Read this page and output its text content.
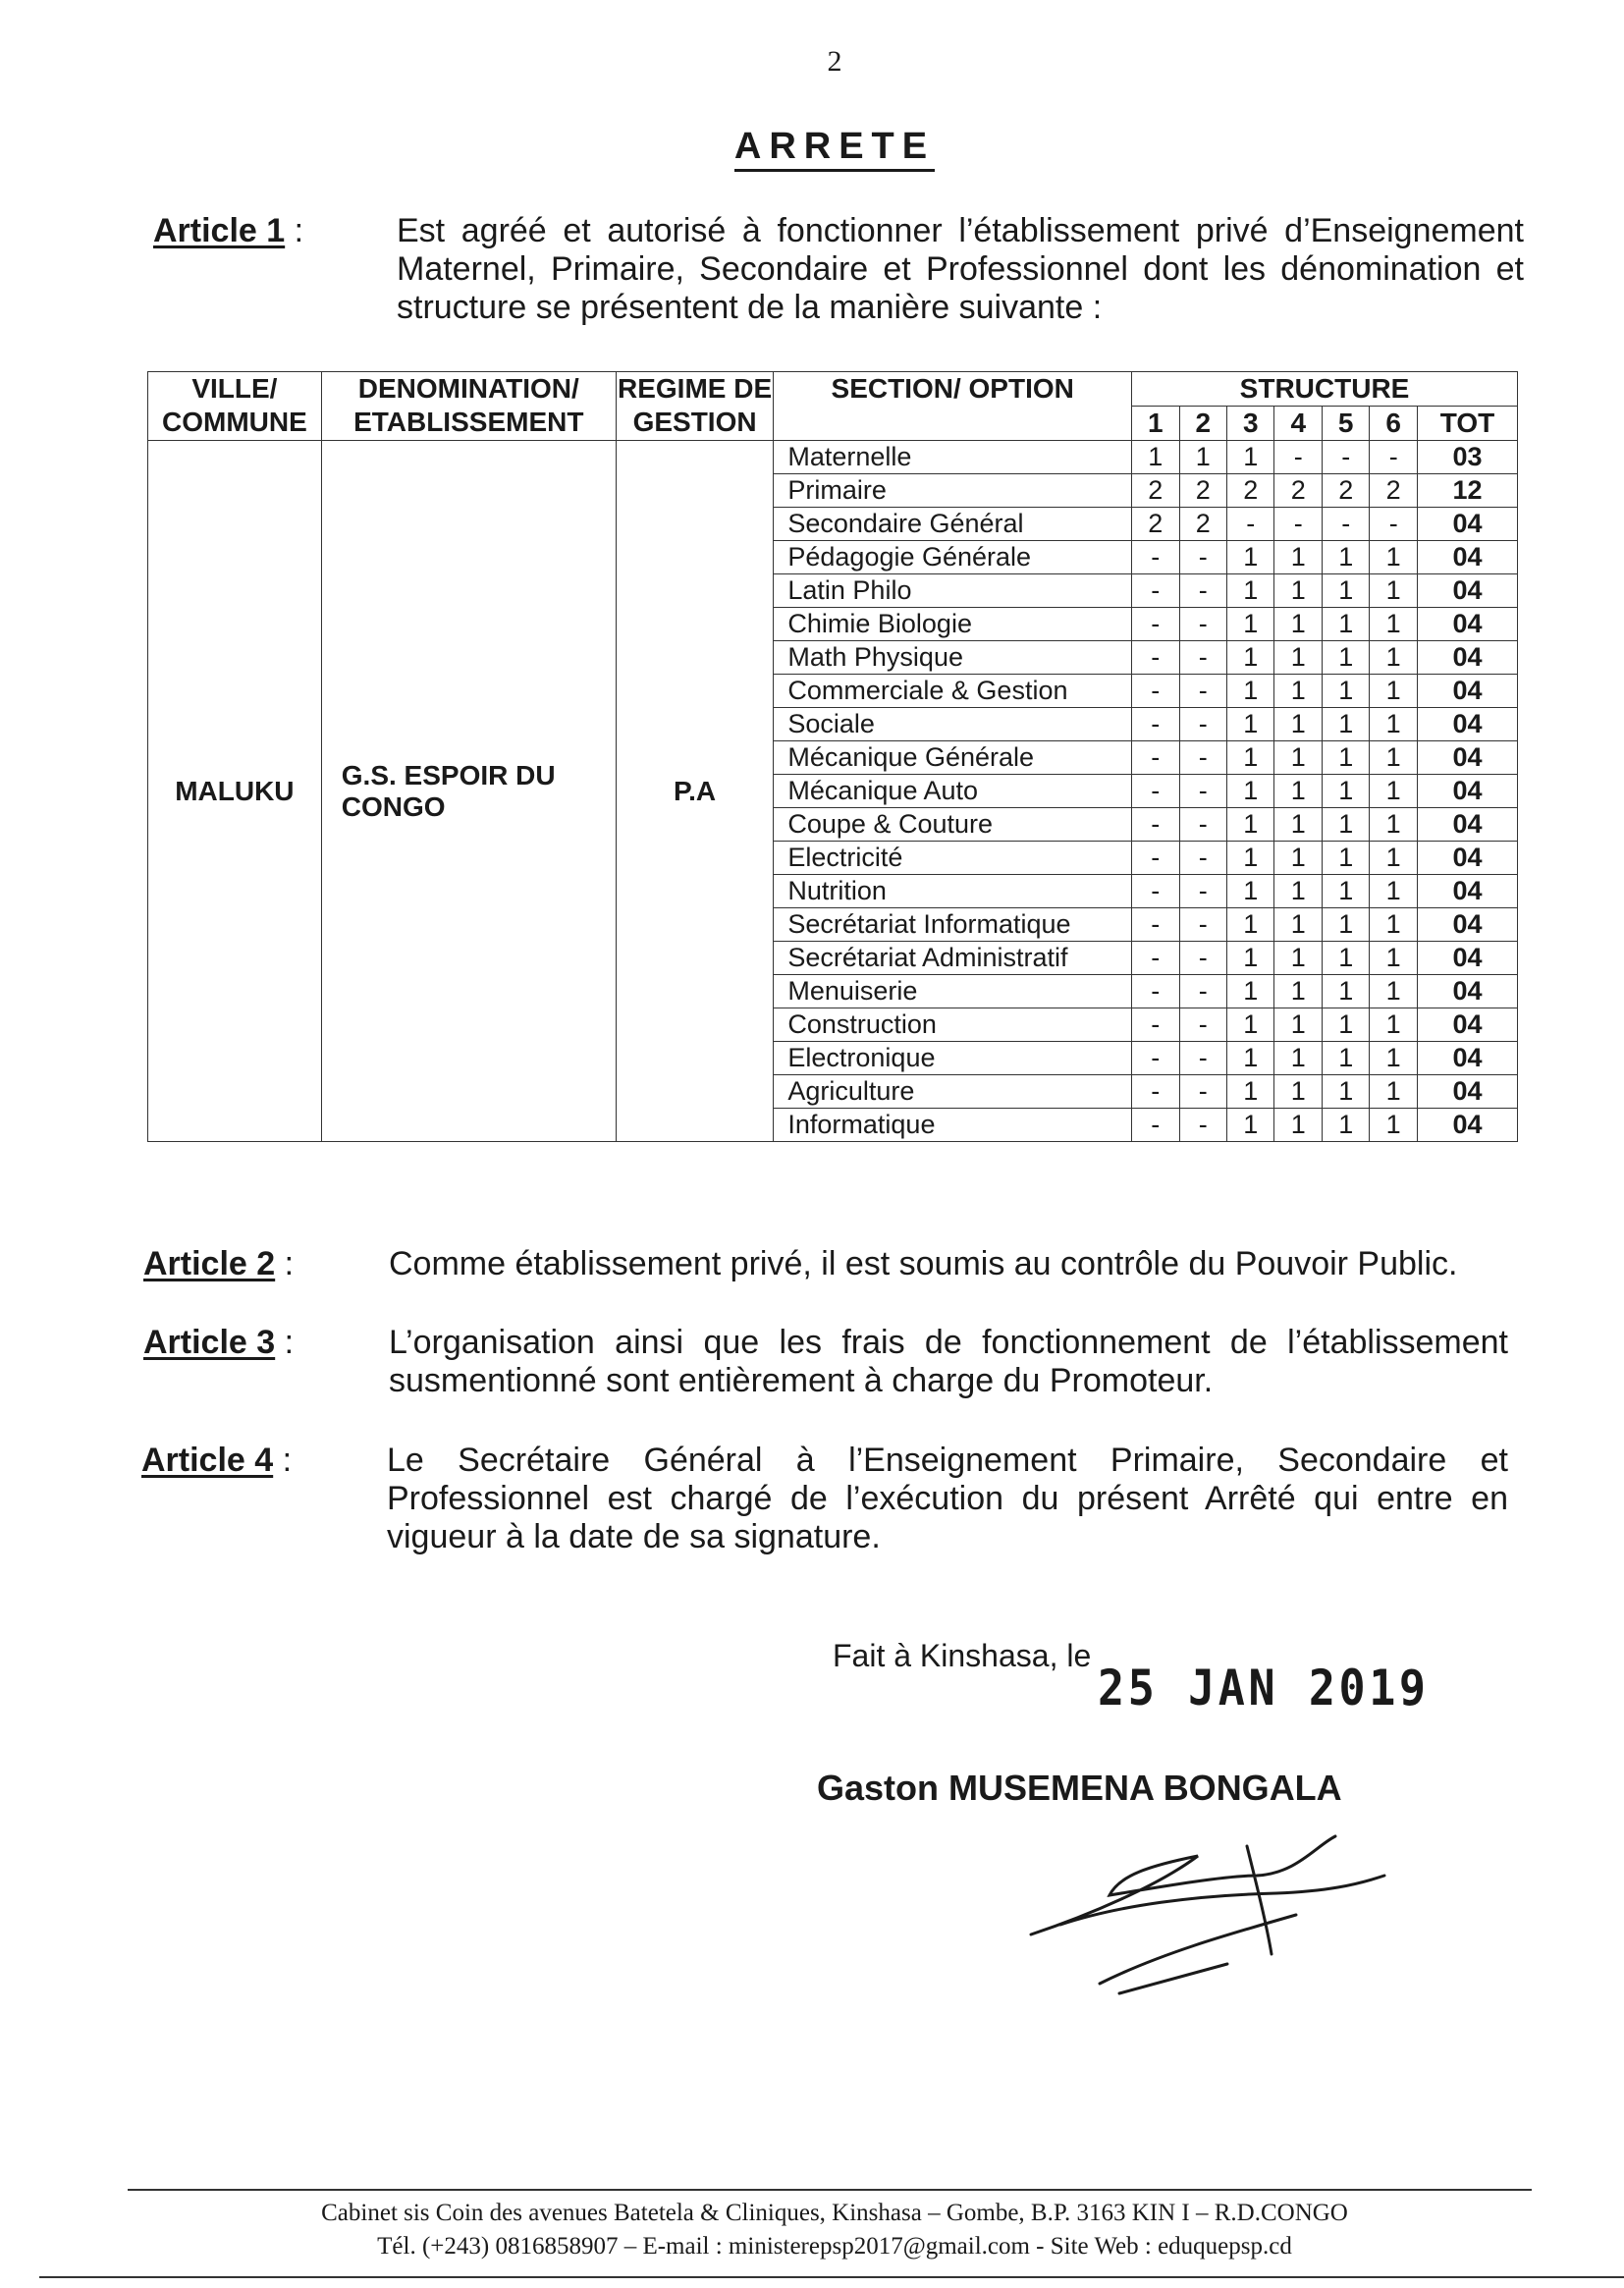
2
ARRETE
Article 1 :	Est agréé et autorisé à fonctionner l’établissement privé d’Enseignement Maternel, Primaire, Secondaire et Professionnel dont les dénomination et structure se présentent de la manière suivante :
VILLE/ COMMUNE	DENOMINATION/ ETABLISSEMENT	REGIME DE GESTION	SECTION/ OPTION	STRUCTURE						
				1	2	3	4	5	6	TOT
MALUKU	G.S. ESPOIR DU CONGO	P.A	Maternelle	1	1	1	-	-	-	03
			Primaire	2	2	2	2	2	2	12
			Secondaire Général	2	2	-	-	-	-	04
			Pédagogie Générale	-	-	1	1	1	1	04
			Latin Philo	-	-	1	1	1	1	04
			Chimie Biologie	-	-	1	1	1	1	04
			Math Physique	-	-	1	1	1	1	04
			Commerciale & Gestion	-	-	1	1	1	1	04
			Sociale	-	-	1	1	1	1	04
			Mécanique Générale	-	-	1	1	1	1	04
			Mécanique Auto	-	-	1	1	1	1	04
			Coupe & Couture	-	-	1	1	1	1	04
			Electricité	-	-	1	1	1	1	04
			Nutrition	-	-	1	1	1	1	04
			Secrétariat Informatique	-	-	1	1	1	1	04
			Secrétariat Administratif	-	-	1	1	1	1	04
			Menuiserie	-	-	1	1	1	1	04
			Construction	-	-	1	1	1	1	04
			Electronique	-	-	1	1	1	1	04
			Agriculture	-	-	1	1	1	1	04
			Informatique	-	-	1	1	1	1	04
Article 2 :	Comme établissement privé, il est soumis au contrôle du Pouvoir Public.
Article 3 :	L’organisation ainsi que les frais de fonctionnement de l’établissement susmentionné sont entièrement à charge du Promoteur.
Article 4 :	Le Secrétaire Général à l’Enseignement Primaire, Secondaire et Professionnel est chargé de l’exécution du présent Arrêté qui entre en vigueur à la date de sa signature.
Fait à Kinshasa, le
25 JAN 2019
Gaston MUSEMENA BONGALA
Cabinet sis Coin des avenues Batetela & Cliniques, Kinshasa – Gombe, B.P. 3163 KIN I – R.D.CONGO
Tél. (+243) 0816858907 – E-mail : ministerepsp2017@gmail.com - Site Web : eduquepsp.cd
